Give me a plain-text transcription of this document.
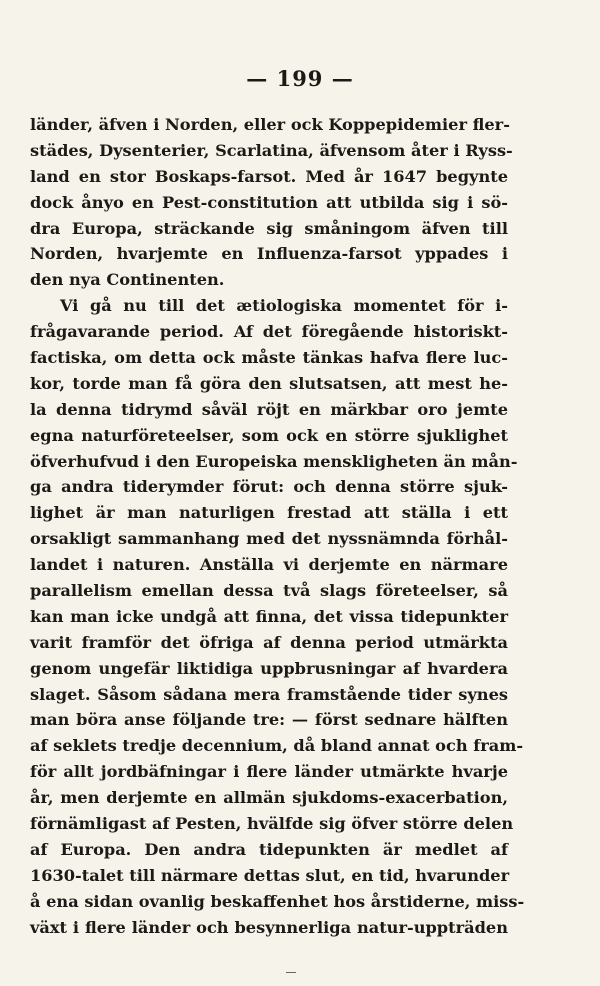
— 199 —
länder, äfven i Norden, eller ock Koppepidemier fler-
städes, Dysenterier, Scarlatina, äfvensom åter i Ryss-
land en stor Boskaps-farsot. Med år 1647 begynte
dock ånyo en Pest-constitution att utbilda sig i sö-
dra Europa, sträckande sig småningom äfven till
Norden, hvarjemte en Influenza-farsot yppades i
den nya Continenten.
Vi gå nu till det ætiologiska momentet för i-
frågavarande period. Af det föregående historiskt-
factiska, om detta ock måste tänkas hafva flere luc-
kor, torde man få göra den slutsatsen, att mest he-
la denna tidrymd såväl röjt en märkbar oro jemte
egna naturföreteelser, som ock en större sjuklighet
öfverhufvud i den Europeiska menskligheten än mån-
ga andra tiderymder förut: och denna större sjuk-
lighet är man naturligen frestad att ställa i ett
orsakligt sammanhang med det nyssnämnda förhål-
landet i naturen. Anställa vi derjemte en närmare
parallelism emellan dessa två slags företeelser, så
kan man icke undgå att finna, det vissa tidepunkter
varit framför det öfriga af denna period utmärkta
genom ungefär liktidiga uppbrusningar af hvardera
slaget. Såsom sådana mera framstående tider synes
man böra anse följande tre: — först sednare hälften
af seklets tredje decennium, då bland annat och fram-
för allt jordbäfningar i flere länder utmärkte hvarje
år, men derjemte en allmän sjukdoms-exacerbation,
förnämligast af Pesten, hvälfde sig öfver större delen
af Europa. Den andra tidepunkten är medlet af
1630-talet till närmare dettas slut, en tid, hvarunder
å ena sidan ovanlig beskaffenhet hos årstiderne, miss-
växt i flere länder och besynnerliga natur-uppträden
